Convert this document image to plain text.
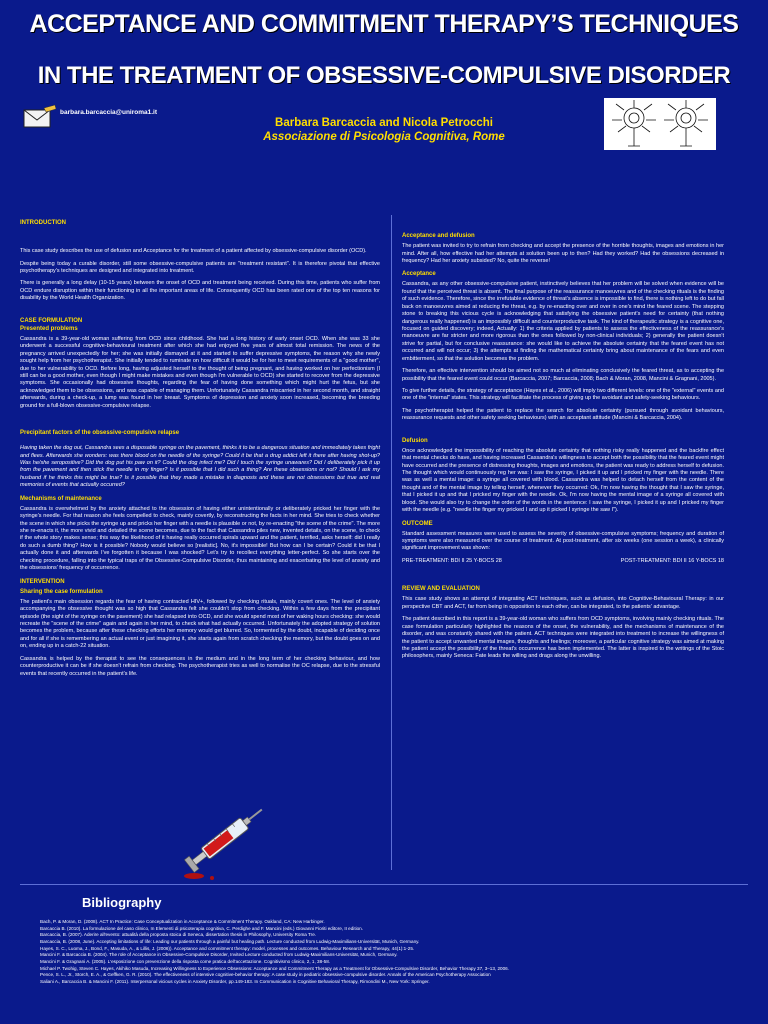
ACCEPTANCE AND COMMITMENT THERAPY’S TECHNIQUES
IN THE TREATMENT OF OBSESSIVE-COMPULSIVE DISORDER
barbara.barcaccia@uniroma1.it
Barbara Barcaccia and Nicola Petrocchi
Associazione di Psicologia Cognitiva, Rome
INTRODUCTION

This case study describes the use of defusion and Acceptance for the treatment of a patient affected by obsessive-compulsive disorder (OCD).

Despite being today a curable disorder, still some obsessive-compulsive patients are "treatment resistant". It is therefore pivotal that effective psychotherapy's techniques are designed and integrated into treatment.

There is generally a long delay (10-15 years) between the onset of OCD and treatment being received. During this time, patients who suffer from OCD endure disruption within their functioning in all the important areas of life. Consequently OCD has been rated one of the top ten reasons for disability by the World Health Organization.

CASE FORMULATION
Presented problems

Cassandra is a 39-year-old woman suffering from OCD since childhood. She had a long history of early onset OCD. When she was 33 she underwent a successful cognitive-behavioural treatment after which she had enjoyed five years of almost total remission. The news of the pregnancy arrived unexpectedly for her; she was initially dismayed at it and started to suffer depressive symptoms, the reason why she newly sought help from her psychotherapist. She initially tended to ruminate on how difficult it would be for her to meet requirements of a "good mother", due to her vulnerability to OCD. Before long, having adjusted herself to the thought of being pregnant, and having worked on her perfectionism (I still can be a good mother, even though I might make mistakes and even though I'm vulnerable to OCD) she started to recover from the depressive symptoms. She occasionally had obsessive thoughts, regarding the fear of having done something which might hurt the fetus, but she acknowledged them to be obsessions, and was capable of managing them. Unfortunately Cassandra miscarried in her second month, and straight afterwards, during a check-up, a lump was found in her breast. Symptoms of depression and anxiety soon increased, becoming the breeding ground for a full-blown obsessive-compulsive relapse.

Precipitant factors of the obsessive-compulsive relapse

Having taken the dog out, Cassandra sees a disposable syringe on the pavement, thinks it to be a dangerous situation and immediately takes fright and flees. Afterwards she wonders: was there blood on the needle of the syringe? Could it be that a drug addict left it there after having shot-up? Was he/she seropositive? Did the dog put his paw on it? Could the dog infect me? Did I touch the syringe unawares? Did I deliberately pick it up from the pavement and then stick the needle in my finger? Is it possible that I did such a thing? Are these obsessions or not? Should I ask my husband if he thinks this might be true? Is it possible that they made a mistake in diagnosis and these are not obsessions but true and real memories of events that actually occurred?

Mechanisms of maintenance

Cassandra is overwhelmed by the anxiety attached to the obsession of having either unintentionally or deliberately pricked her finger with the syringe's needle. For that reason she feels compelled to check, mainly covertly, by reconstructing the facts in her mind. She tries to check whether the scene in which she picks the syringe up and pricks her finger with a needle is plausible or not, by re-enacting "the scene of the crime". The more she re-enacts it, the more vivid and detailed the scene becomes, due to the fact that Cassandra piles new, invented details, on the scene, to check if the whole story makes sense; this way the likelihood of it having really occurred spirals upward and the patient, terrified, asks herself: did I really do such a dumb thing? How is it possible? Nobody would believe so [realistic]. No, it's impossible! But how can I be certain? Could it be that I actually done it and afterwards I've forgotten it because I was shocked? Let's try to recollect everything letter-perfect. So she starts over the checking procedure, falling into the typical traps of the Obsessive-Compulsive Disorder, thus maintaining and exacerbating the level of anxiety and the obsessions' frequency of occurrence.

INTERVENTION
Sharing the case formulation

The patient's main obsession regards the fear of having contracted HIV+, followed by checking rituals, mainly covert ones. The level of anxiety accompanying the obsessive thought was so high that Cassandra felt she couldn't stop from checking. Within a few days from the precipitant episode (the sight of the syringe on the pavement) she had relapsed into OCD, and she would spend most of her waking hours checking: she would recreate the "scene of the crime" again and again in her mind, to check what had actually occurred. Unfortunately the adopted strategy of solution becomes the problem, because after these checking efforts her memory would get blurred. So, tormented by the doubt, incapable of deciding once and for all if she is remembering an actual event or just imagining it, she starts again from scratch checking the memory, but the doubt goes on and on, ending up in a catch-22 situation.

Cassandra is helped by the therapist to see the consequences in the medium and in the long term of her checking behaviour, and how counterproductive it can be if she doesn't refrain from checking. The psychotherapist tries as well to normalise the OC relapse, due to the stressful events that recently occurred in the patient's life.

Acceptance and defusion

The patient was invited to try to refrain from checking and accept the presence of the horrible thoughts, images and emotions in her mind. After all, how effective had her attempts at solution been up to then? Had they worked? Had the obsessions decreased in frequency? Had her anxiety subsided? No, quite the reverse!

Acceptance

Cassandra, as any other obsessive-compulsive patient, instinctively believes that her problem will be solved when evidence will be found that the perceived threat is absent. The final purpose of the reassurance manoeuvres and of the checking rituals is the finding of such evidence. Therefore, since the irrefutable evidence of threat's absence is impossible to find, there is nothing left to do but fall back on manoeuvres aimed at reducing the threat, e.g. by re-enacting over and over in one's mind the feared scene. The stepping stone to breaking this vicious cycle is acknowledging that satisfying the obsessive patient's need for certainty (that nothing dangerous really happened) is an impossibly difficult and counterproductive task. The kind of therapeutic strategy is a cognitive one, focused on guided discovery; indeed, Actually: 1) the criteria applied by patients to assess the effectiveness of the reassurance's manoeuvre are far stricter and more rigorous than the ones followed by non-clinical individuals; 2) generally the patient doesn't strive for partial, but for conclusive reassurance: she would like to achieve the absolute certainty that the feared event has not occurred and will not occur; 3) the attempts at finding the mathematical certainty bring about maintenance of the fears and even embitterment, so that the solution becomes the problem.

Therefore, an effective intervention should be aimed not so much at eliminating conclusively the feared threat, as to accepting the possibility that the feared event could occur (Barcaccia, 2007; Barcaccia, 2008; Bach & Moran, 2008, Mancini & Gragnani, 2005).

To give further details, the strategy of acceptance (Hayes et al., 2006) will imply two different levels: one of the "external" events and one of the "internal" states. This strategy will facilitate the process of giving up the avoidant and safety-seeking behaviours.

The psychotherapist helped the patient to replace the search for absolute certainty (pursued through avoidant behaviours, reassurance requests and other safety seeking behaviours) with an acceptant attitude (Mancini & Barcaccia, 2004).

Defusion

Once acknowledged the impossibility of reaching the absolute certainty that nothing risky really happened and the backfire effect that mental checks do have, and having increased Cassandra's willingness to accept both the possibility that the feared event might have occurred and the presence of distressing thoughts, images and emotions, the patient was ready to address herself to defusion. The thought which would continuously reg her was: I saw the syringe, I picked it up and I pricked my finger with the needle. There was as well a mental image: a syringe all covered with blood. Cassandra was helped to detach herself from the content of the thought and of the mental image by telling herself, whenever they occurred: Ok, I'm now having the thought that I saw the syringe, that I picked it up and that I pricked my finger with the needle. Ok, I'm now having the mental image of a syringe all covered with blood. She would also try to change the order of the words in the sentence: I saw the syringe, I picked it up and I pricked my finger with the needle (e.g. "needle the finger my pricked I and up it picked I syringe the saw I").

OUTCOME

Standard assessment measures were used to assess the severity of obsessive-compulsive symptoms; frequency and duration of symptoms were also measured over the course of treatment. At post-treatment, after six weeks (one session a week), a clinically significant improvement was shown:

PRE-TREATMENT: BDI II 25 Y-BOCS 28	POST-TREATMENT: BDI II 16 Y-BOCS 18
REVIEW AND EVALUATION

This case study shows an attempt of integrating ACT techniques, such as defusion, into Cognitive-Behavioural Therapy: in our perspective CBT and ACT, far from being in opposition to each other, can be integrated, to the patients' advantage.

The patient described in this report is a 39-year-old woman who suffers from OCD symptoms, involving mainly checking rituals. The case formulation particularly highlighted the reasons of the onset, the vulnerability, and the mechanisms of maintenance of the disorder, and was constantly shared with the patient. ACT techniques were integrated into treatment to increase the willingness of the patient to accept unwanted mental images, thoughts and feelings; moreover, a particular cognitive strategy was aimed at making the patient accept the possibility of the threat's occurrence has been implemented. The latter is inspired to the writings of the Stoic philosophers, mainly Seneca: Fate leads the willing and drags along the unwilling.

Bibliography
Bach, P. & Moran, D. (2008). ACT In Practice: Case Conceptualization in Acceptance & Commitment Therapy. Oakland, CA: New Harbinger.
Barcaccia B. (2010). La formulazione del caso clinico, In Elementi di psicoterapia cognitiva, C. Perdighe and F. Mancini (eds.) Giovanni Fioriti editore, II edition.
Barcaccia, B. (2007). Aderire all'evento: attualità della proposta stoica di Seneca, dissertation thesis in Philosophy, University Roma Tre.
Barcaccia, B. (2008, June). Accepting limitations of life: Leading our patients through a painful but healing path. Lecture conducted from Ludwig-Maximilians-Universität, Munich, Germany.
Hayes, S. C., Luoma, J., Bond, F., Masuda, A., & Lillis, J. (2006)). Acceptance and commitment therapy: model, processes and outcomes. Behaviour Research and Therapy, 44(1):1-25.
Mancini F. & Barcaccia B. (2004). The role of Acceptance in Obsessive-Compulsive Disorder, Invited Lecture conducted from Ludwig-Maximilians-Universität, Munich, Germany.
Mancini F. & Gragnani A. (2005). L'esposizione con prevenzione della risposta come pratica dell'accettazione. Cognitivismo clinico, 2, 1, 38-58.
Michael P. Twohig, Steven C. Hayes, Akihiko Masuda, Increasing Willingness to Experience Obsessions: Acceptance and Commitment Therapy as a Treatment for Obsessive-Compulsive Disorder, Behavior Therapy 37, 3–13, 2006.
Pence, S. L., Jr., Storch, E. A., & Geffken, G. R. (2010). The effectiveness of intensive cognitive-behavior therapy: A case study in pediatric obsessive-compulsive disorder. Annals of the American Psychotherapy Association
Saliani A., Barcaccia B. & Mancini F. (2011). Interpersonal vicious cycles in Anxiety Disorder, pp.149-183. In Communication in Cognitive Behavioral Therapy, Rimondini M., New York: Springer.
